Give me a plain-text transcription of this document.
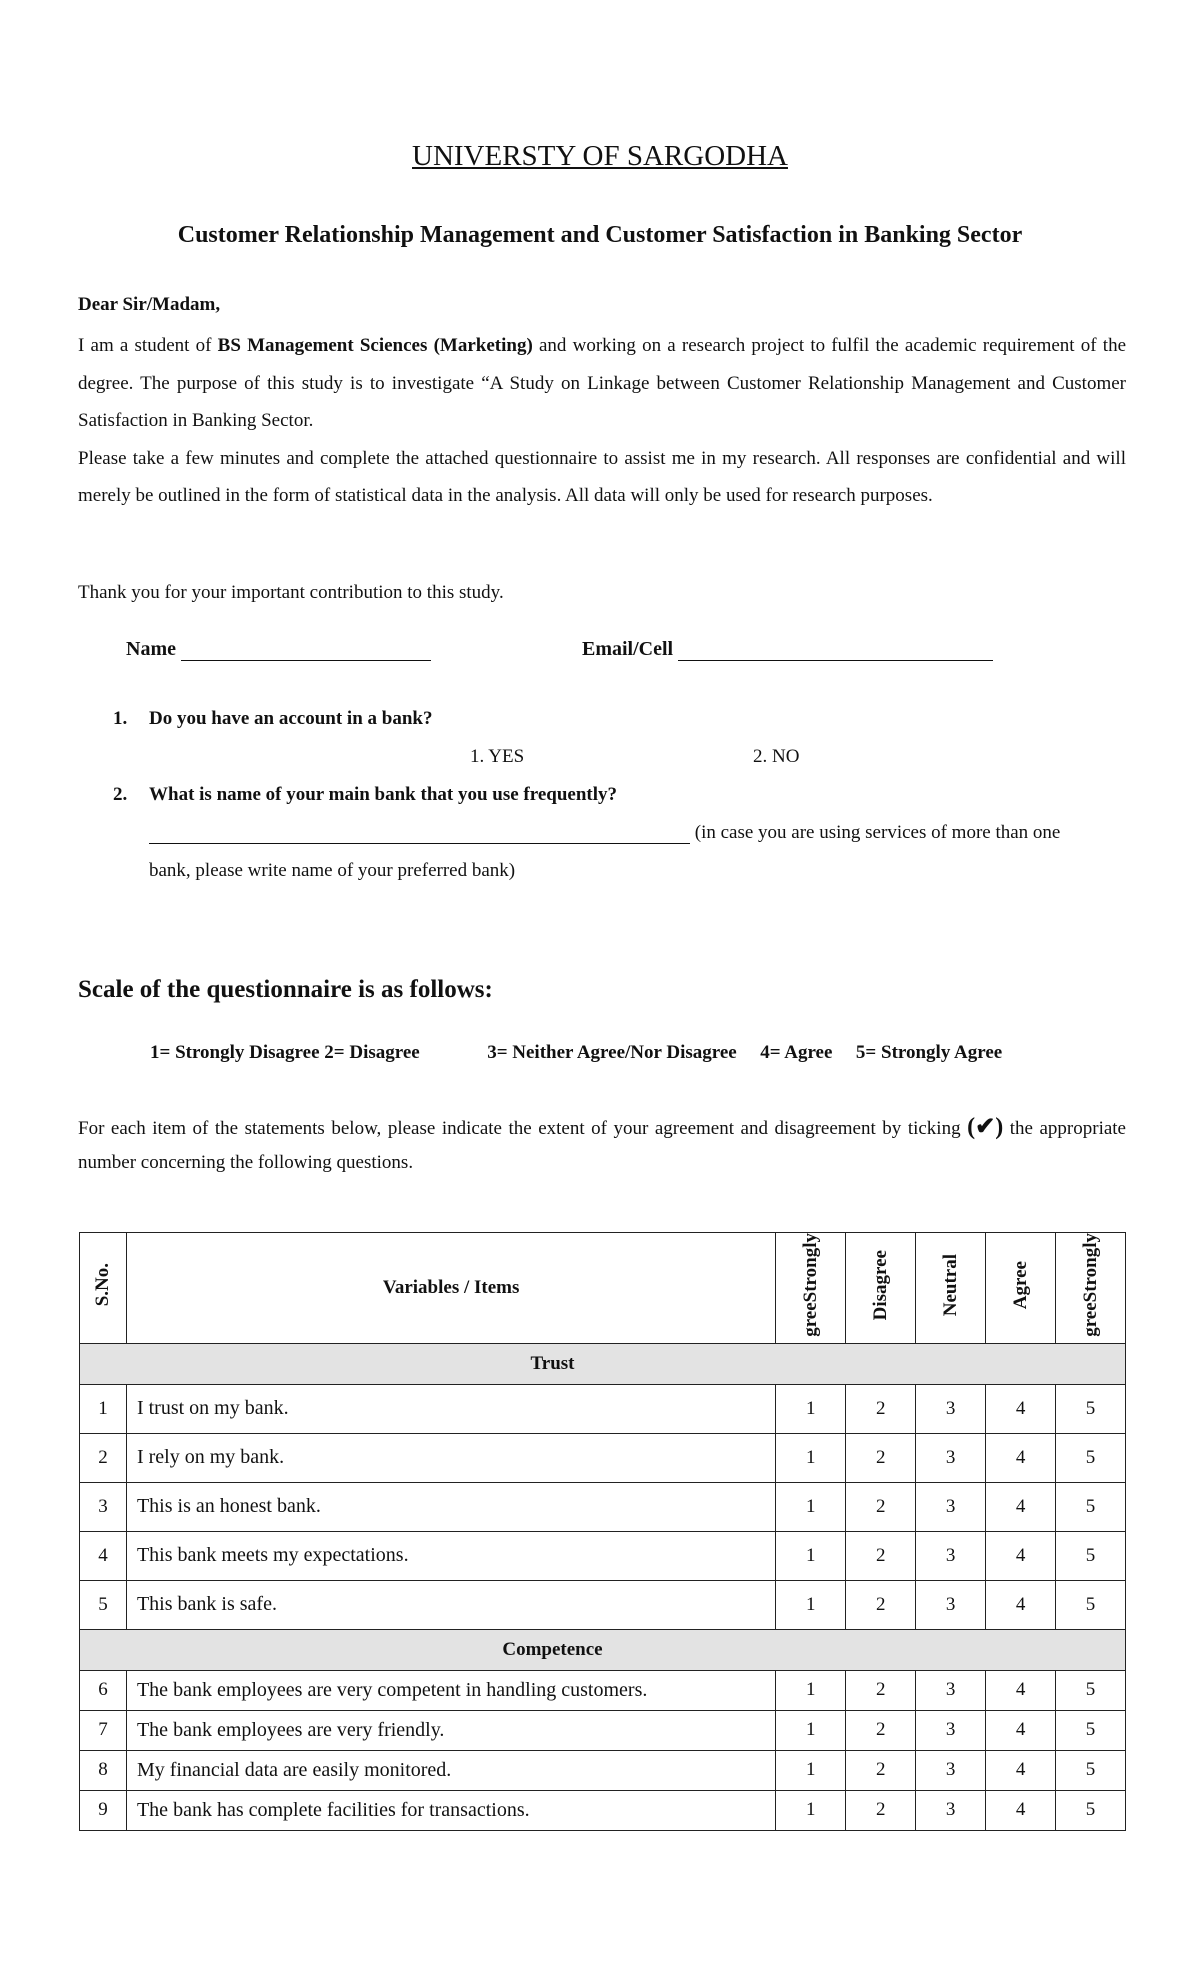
UNIVERSTY OF SARGODHA
Customer Relationship Management and Customer Satisfaction in Banking Sector
Dear Sir/Madam,

I am a student of BS Management Sciences (Marketing) and working on a research project to fulfil the academic requirement of the degree. The purpose of this study is to investigate “A Study on Linkage between Customer Relationship Management and Customer Satisfaction in Banking Sector.

Please take a few minutes and complete the attached questionnaire to assist me in my research. All responses are confidential and will merely be outlined in the form of statistical data in the analysis. All data will only be used for research purposes.

Thank you for your important contribution to this study.
Name	Email/Cell
1. Do you have an account in a bank?
1. YES	2. NO
2. What is name of your main bank that you use frequently?
(in case you are using services of more than one
bank, please write name of your preferred bank)
Scale of the questionnaire is as follows:
1= Strongly Disagree 2= Disagree	3= Neither Agree/Nor Disagree 4= Agree 5= Strongly Agree
For each item of the statements below, please indicate the extent of your agreement and disagreement by ticking (✔) the appropriate number concerning the following questions.
S.No.	Variables / Items	greeStrongly	Disagree	Neutral	Agree	greeStrongly
Trust						
1	I trust on my bank.	1	2	3	4	5
2	I rely on my bank.	1	2	3	4	5
3	This is an honest bank.	1	2	3	4	5
4	This bank meets my expectations.	1	2	3	4	5
5	This bank is safe.	1	2	3	4	5
Competence						
6	The bank employees are very competent in handling customers.	1	2	3	4	5
7	The bank employees are very friendly.	1	2	3	4	5
8	My financial data are easily monitored.	1	2	3	4	5
9	The bank has complete facilities for transactions.	1	2	3	4	5
